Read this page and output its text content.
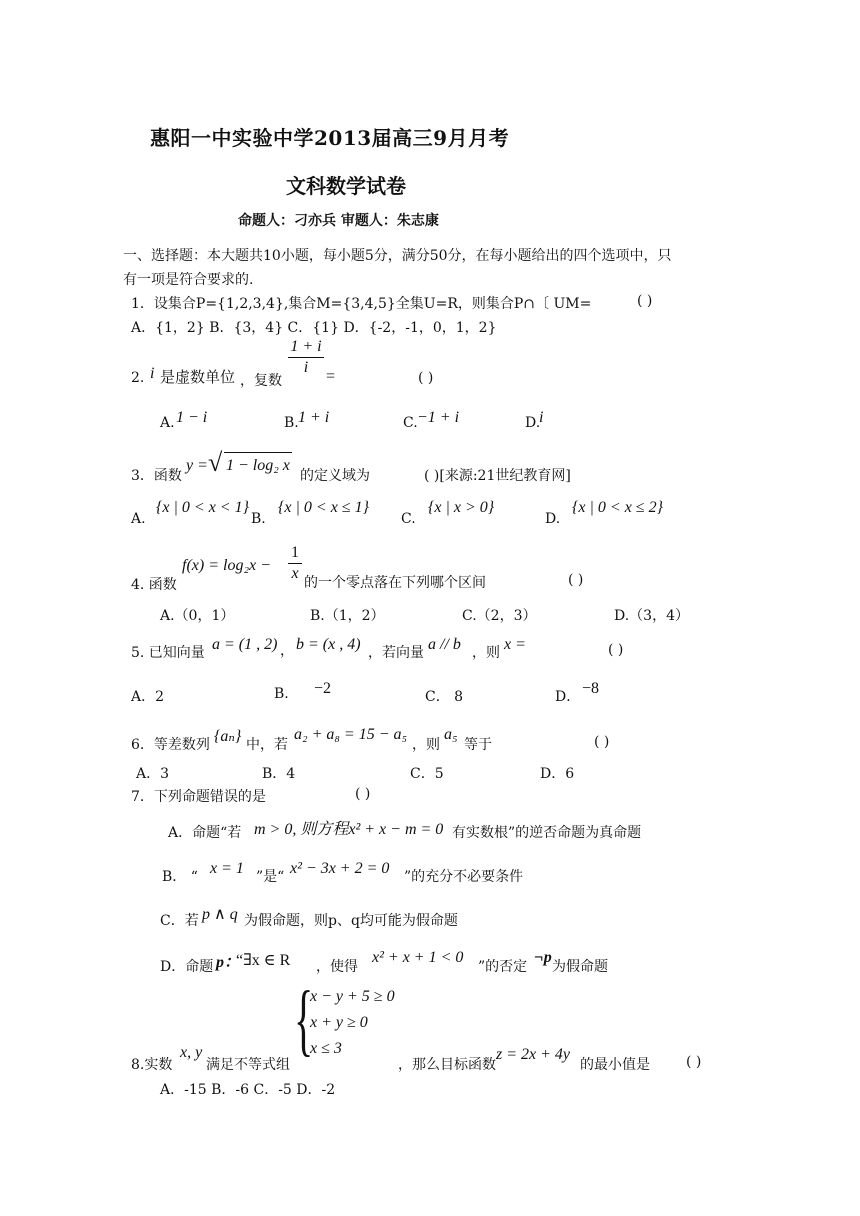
惠阳一中实验中学2013届高三9月月考
文科数学试卷
命题人：刁亦兵 审题人：朱志康
一、选择题：本大题共10小题，每小题5分，满分50分，在每小题给出的四个选项中，只
有一项是符合要求的.
1．设集合P={1,2,3,4},集合M={3,4,5}全集U=R，则集合P∩〔 UM=	( )
A．{1，2} B．{3，4} C．{1} D．{-2，-1，0，1，2}
2. i 是虚数单位 ，复数
1 + i
i
=	( )
A. 1 − i	B. 1 + i	C. −1 + i	D.
i
3．函数
y = √ 1 − log₂ x
的定义域为	( )[来源:21世纪教育网]
A.
{x | 0 < x < 1}
B.
{x | 0 < x ≤ 1}
C.
{x | x > 0}
D.
{x | 0 < x ≤ 2}
4. 函数
f(x) = log₂x −
1
x
的一个零点落在下列哪个区间	( )
A.（0，1）	B.（1，2）	C.（2，3）	D.（3，4）
5. 已知向量 a = (1 , 2) ， b = (x , 4) ，若向量 a // b ，则 x =	( )
A．2	B. −2	C． 8	D． −8
6．等差数列 {aₙ} 中，若
a₂ + a₈ = 15 − a₅
，则
a₅
等于	( )
A．3	B．4	C．5	D．6
7．下列命题错误的是	( )
A．命题“若 m > 0, 则方程x² + x − m = 0 有实数根”的逆否命题为真命题
B． “ x = 1 ”是“ x² − 3x + 2 = 0 ”的充分不必要条件
C．若 p ∧ q 为假命题，则p、q均可能为假命题
D．命题 p：
“∃x ∈ R ，使得
x² + x + 1 < 0
”的否定
¬p
为假命题
8.实数
x, y
满足不等式组
{
x − y + 5 ≥ 0
x + y ≥ 0
x ≤ 3
，那么目标函数
z = 2x + 4y
的最小值是	( )
A．-15 B．-6 C．-5 D．-2
